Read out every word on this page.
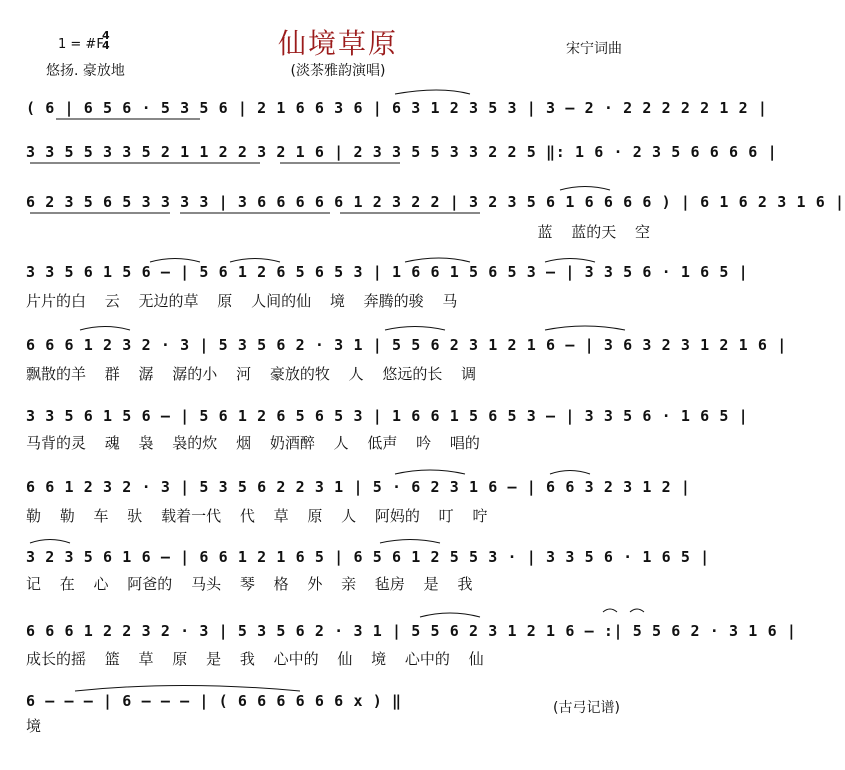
1 = #F
4
4
悠扬. 豪放地
仙境草原
(淡茶雅韵演唱)
宋宁词曲
( 6 | 6 5 6 · 5 3 5 6 | 2 1 6 6 3 6 | 6 3 1 2 3 5 3 | 3 – 2 · 2 2 2 2 2 1 2 |
3 3 5 5 3 3 5 2 1 1 2 2 3 2 1 6 | 2 3 3 5 5 3 3 2 2 5 ‖: 1 6 · 2 3 5 6 6 6 6 |
6 2 3 5 6 5 3 3 3 3 | 3 6 6 6 6 6 1 2 3 2 2 | 3 2 3 5 6 1 6 6 6 6 ) | 6 1 6 2 3 1 6 |
蓝 蓝的天 空
3 3 5 6 1 5 6 – | 5 6 1 2 6 5 6 5 3 | 1 6 6 1 5 6 5 3 – | 3 3 5 6 · 1 6 5 |
片片的白 云 无边的草 原 人间的仙 境 奔腾的骏 马
6 6 6 1 2 3 2 · 3 | 5 3 5 6 2 · 3 1 | 5 5 6 2 3 1 2 1 6 – | 3 6 3 2 3 1 2 1 6 |
飘散的羊 群 潺 潺的小 河 豪放的牧 人 悠远的长 调
3 3 5 6 1 5 6 – | 5 6 1 2 6 5 6 5 3 | 1 6 6 1 5 6 5 3 – | 3 3 5 6 · 1 6 5 |
马背的灵 魂 袅 袅的炊 烟 奶酒醉 人 低声 吟 唱的
6 6 1 2 3 2 · 3 | 5 3 5 6 2 2 3 1 | 5 · 6 2 3 1 6 – | 6 6 3 2 3 1 2 |
勒 勒 车 驮 载着一代 代 草 原 人 阿妈的 叮 咛
3 2 3 5 6 1 6 – | 6 6 1 2 1 6 5 | 6 5 6 1 2 5 5 3 · | 3 3 5 6 · 1 6 5 |
记 在 心 阿爸的 马头 琴 格 外 亲 毡房 是 我
6 6 6 1 2 2 3 2 · 3 | 5 3 5 6 2 · 3 1 | 5 5 6 2 3 1 2 1 6 – :| 5 5 6 2 · 3 1 6 |
成长的摇 篮 草 原 是 我 心中的 仙 境 心中的 仙
6 – – – | 6 – – – | ( 6 6 6 6 6 6 x ) ‖
境
(古弓记谱)
